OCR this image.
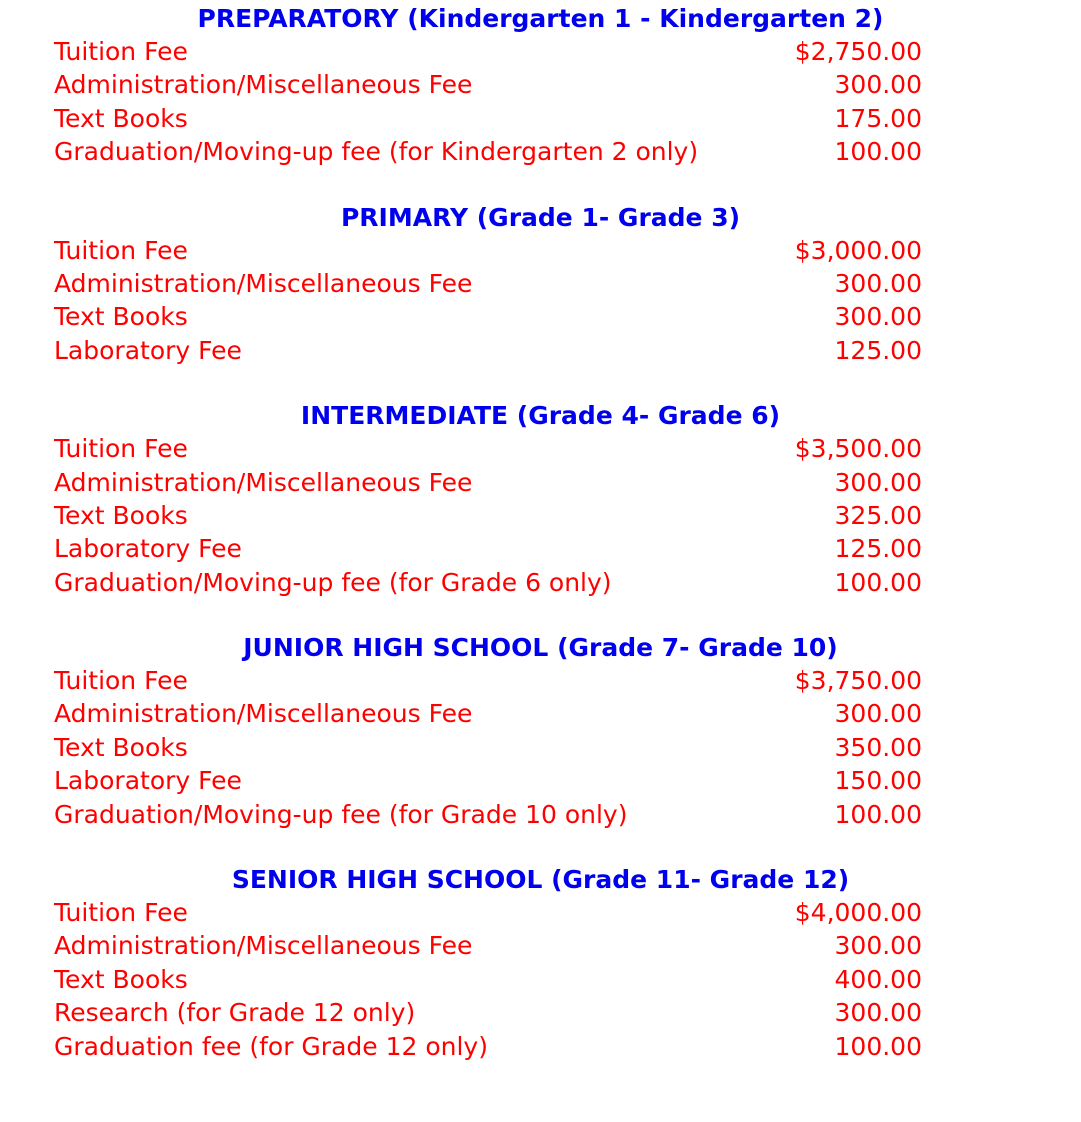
PREPARATORY (Kindergarten 1 - Kindergarten 2)
Tuition Fee	$2,750.00
Administration/Miscellaneous Fee	300.00
Text Books	175.00
Graduation/Moving-up fee (for Kindergarten 2 only)	100.00
PRIMARY (Grade 1- Grade 3)
Tuition Fee	$3,000.00
Administration/Miscellaneous Fee	300.00
Text Books	300.00
Laboratory Fee	125.00
INTERMEDIATE (Grade 4- Grade 6)
Tuition Fee	$3,500.00
Administration/Miscellaneous Fee	300.00
Text Books	325.00
Laboratory Fee	125.00
Graduation/Moving-up fee (for Grade 6 only)	100.00
JUNIOR HIGH SCHOOL (Grade 7- Grade 10)
Tuition Fee	$3,750.00
Administration/Miscellaneous Fee	300.00
Text Books	350.00
Laboratory Fee	150.00
Graduation/Moving-up fee (for Grade 10 only)	100.00
SENIOR HIGH SCHOOL (Grade 11- Grade 12)
Tuition Fee	$4,000.00
Administration/Miscellaneous Fee	300.00
Text Books	400.00
Research (for Grade 12 only)	300.00
Graduation fee (for Grade 12 only)	100.00
